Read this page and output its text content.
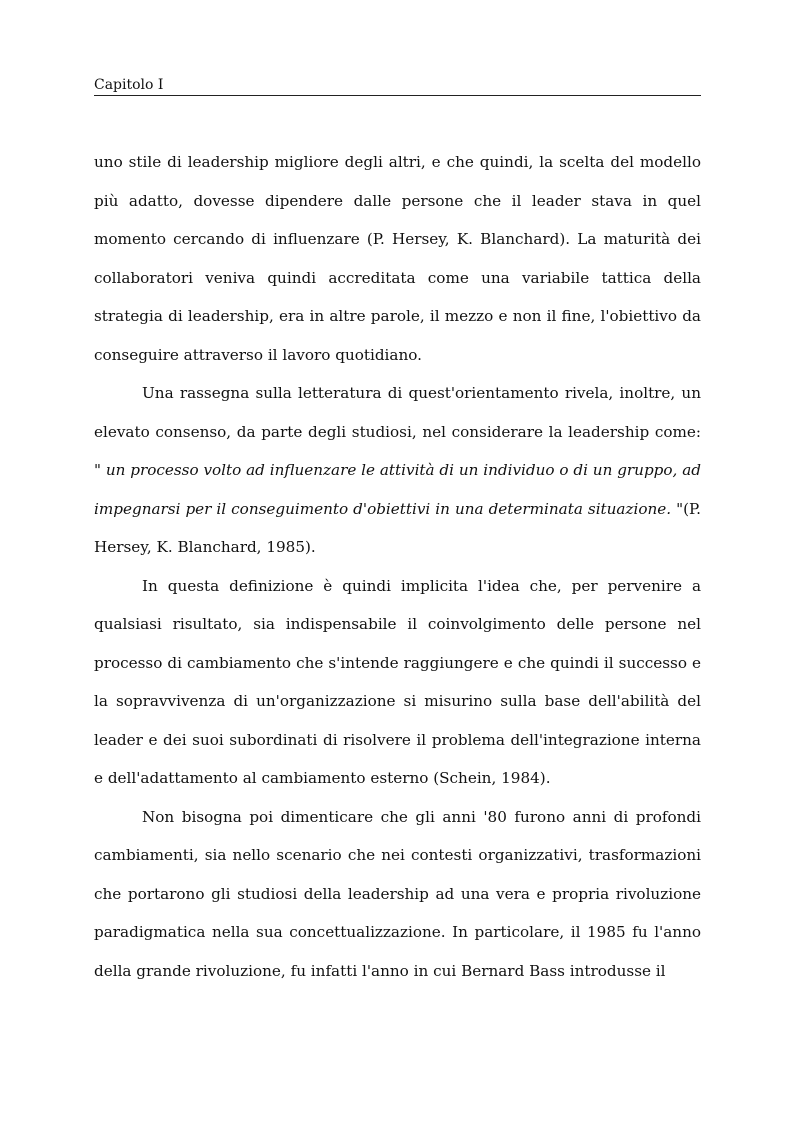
Capitolo I

uno stile di leadership migliore degli altri, e che quindi, la scelta del modello più adatto, dovesse dipendere dalle persone che il leader stava in quel momento cercando di influenzare (P. Hersey, K. Blanchard). La maturità dei collaboratori veniva quindi accreditata come una variabile tattica della strategia di leadership, era in altre parole, il mezzo e non il fine, l'obiettivo da conseguire attraverso il lavoro quotidiano.

Una rassegna sulla letteratura di quest'orientamento rivela, inoltre, un elevato consenso, da parte degli studiosi, nel considerare la leadership come: " un processo volto ad influenzare le attività di un individuo o di un gruppo, ad impegnarsi per il conseguimento d'obiettivi in una determinata situazione. "(P. Hersey, K. Blanchard, 1985).

In questa definizione è quindi implicita l'idea che, per pervenire a qualsiasi risultato, sia indispensabile il coinvolgimento delle persone nel processo di cambiamento che s'intende raggiungere e che quindi il successo e la sopravvivenza di un'organizzazione si misurino sulla base dell'abilità del leader e dei suoi subordinati di risolvere il problema dell'integrazione interna e dell'adattamento al cambiamento esterno (Schein, 1984).

Non bisogna poi dimenticare che gli anni '80 furono anni di profondi cambiamenti, sia nello scenario che nei contesti organizzativi, trasformazioni che portarono gli studiosi della leadership ad una vera e propria rivoluzione paradigmatica nella sua concettualizzazione. In particolare, il 1985 fu l'anno della grande rivoluzione, fu infatti l'anno in cui Bernard Bass introdusse il
